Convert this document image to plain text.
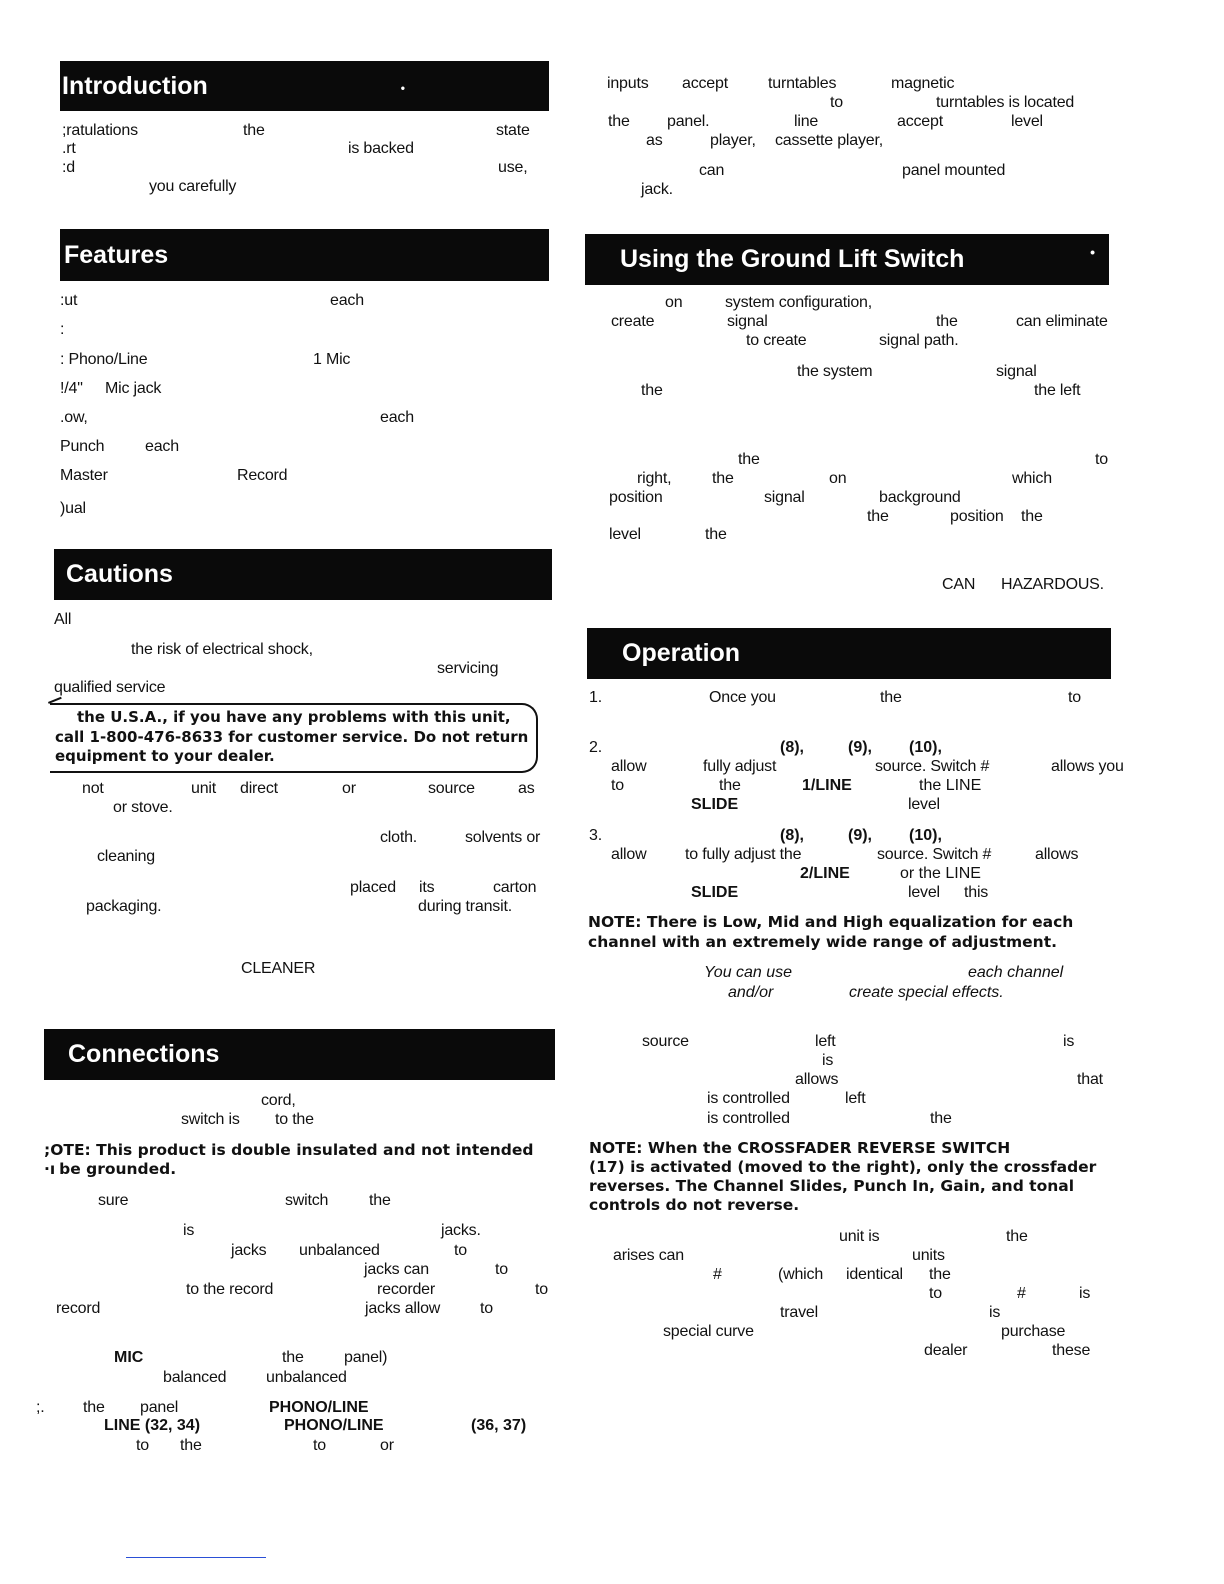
Introduction	•
Features
Cautions
Connections
Using the Ground Lift Switch	•
Operation
;ratulations	the	state
.rt	is backed
:d	use,
you carefully
:ut	each
:
: Phono/Line	1 Mic
!/4" Mic jack
.ow,	each
Punch	each
Master	Record
)ual
All
the risk of electrical shock,
servicing
qualified service
the U.S.A., if you have any problems with this unit,
call 1-800-476-8633 for customer service. Do not return
equipment to your dealer.
not	unit direct	or	source	as
or stove.
cloth.	solvents or
cleaning
placed its	carton
packaging.	during transit.
CLEANER
cord,
switch is to the
;OTE: This product is double insulated and not intended
·ı  be grounded.
sure	switch	the
is	jacks.
jacks unbalanced	to
jacks can	to
to the record	recorder	to
record	jacks allow to
MIC	the	panel)
balanced unbalanced
;. the panel	PHONO/LINE
LINE (32, 34)	PHONO/LINE	(36, 37)
to the	to	or
inputs accept	turntables	magnetic
to	turntables is located
the panel.	line	accept	level
as	player, cassette player,
can	panel mounted
jack.
on	system configuration,
create	signal	the	can eliminate
to create	signal path.
the system	signal
the	the left
the	to
right,	the	on	which
position	signal	background
the	position the
level	the
CAN HAZARDOUS.
1.	Once you	the	to
2.	(8),	(9), (10),
allow	fully adjust	source. Switch #	allows you
to	the	1/LINE	the LINE
SLIDE	level
3.	(8),	(9), (10),
allow to fully adjust the	source. Switch #	allows
2/LINE	or the LINE
SLIDE	level this
NOTE: There is Low, Mid and High equalization for each
channel with an extremely wide range of adjustment.
You can use	each channel
and/or	create special effects.
source	left	is
is
allows	that
is controlled	left
is controlled	the
NOTE: When the CROSSFADER REVERSE SWITCH
(17) is activated (moved to the right), only the crossfader
reverses. The Channel Slides, Punch In, Gain, and tonal
controls do not reverse.
unit is	the
arises can	units
#	(which identical the
to	#	is
travel	is
special curve	purchase
dealer	these
